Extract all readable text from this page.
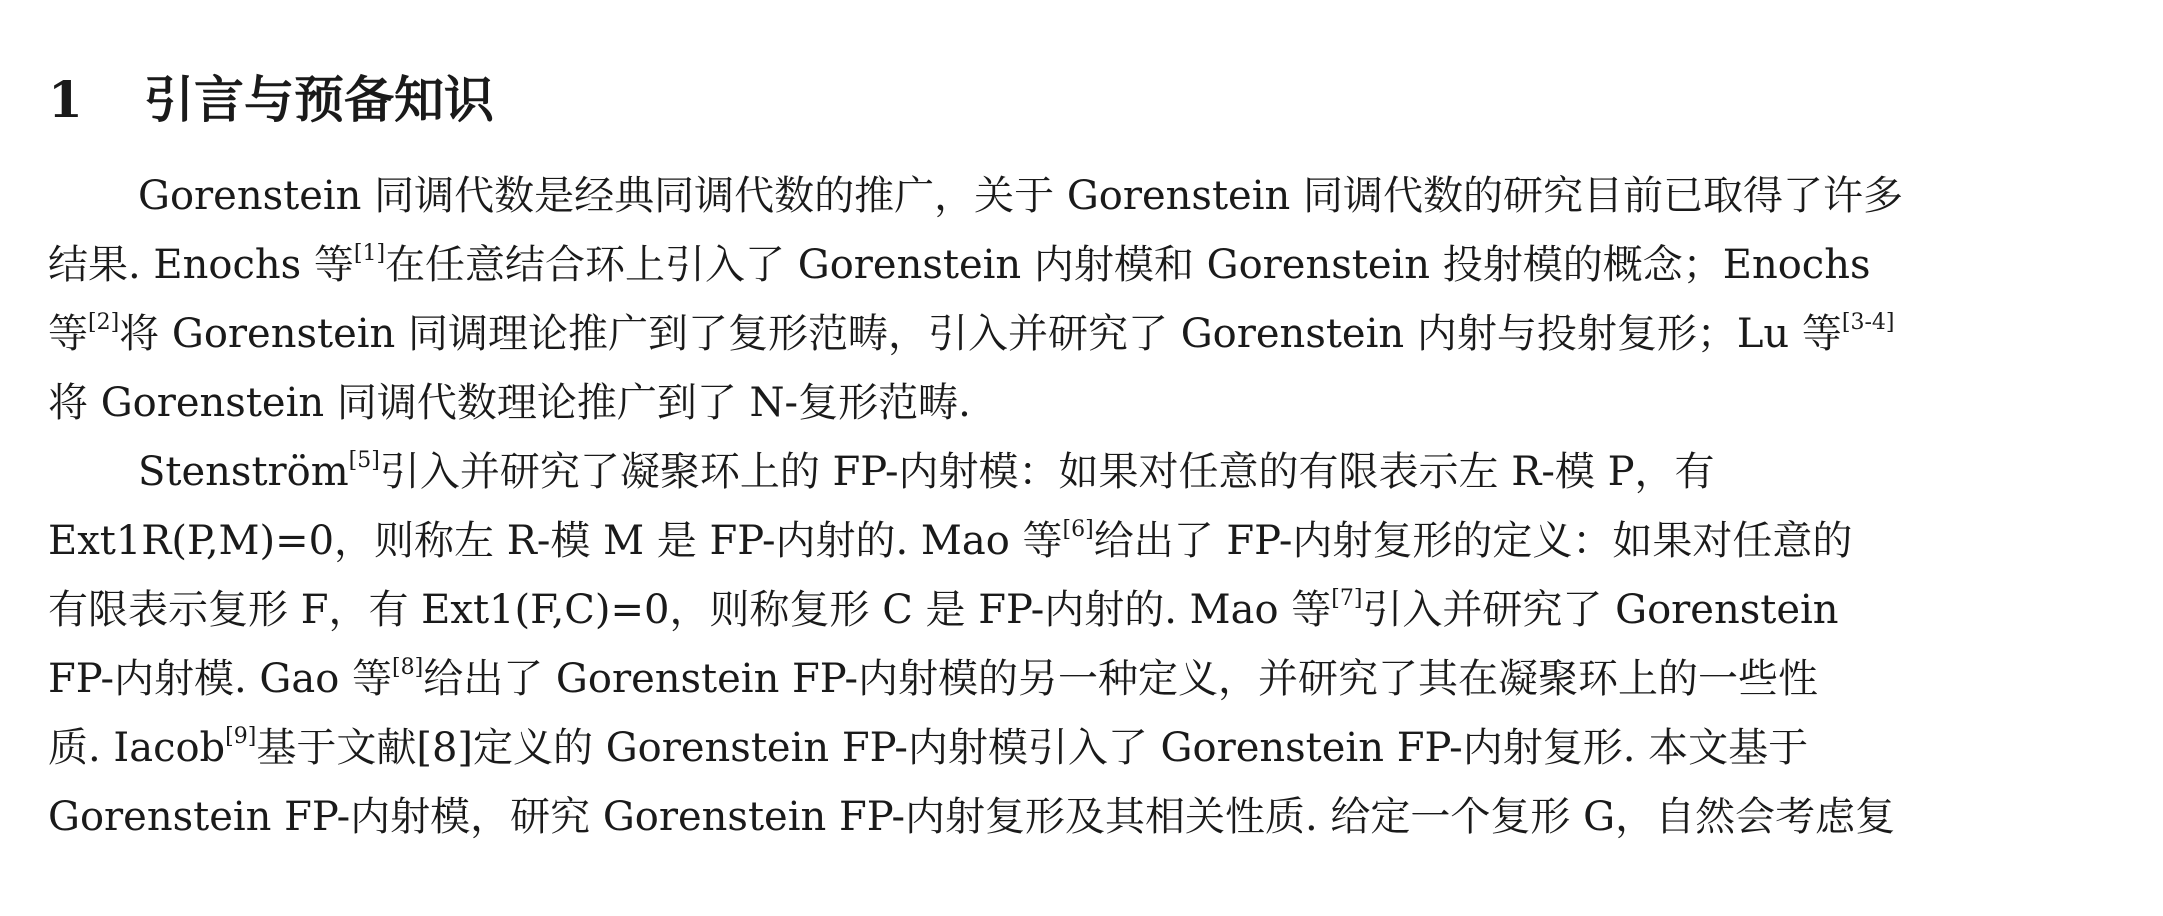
1	引言与预备知识
Gorenstein 同调代数是经典同调代数的推广，关于 Gorenstein 同调代数的研究目前已取得了许多
结果. Enochs 等[1]在任意结合环上引入了 Gorenstein 内射模和 Gorenstein 投射模的概念；Enochs
等[2]将 Gorenstein 同调理论推广到了复形范畴，引入并研究了 Gorenstein 内射与投射复形；Lu 等[3-4]
将 Gorenstein 同调代数理论推广到了 N-复形范畴.
Stenström[5]引入并研究了凝聚环上的 FP-内射模：如果对任意的有限表示左 R-模 P，有
Ext1R(P,M)=0，则称左 R-模 M 是 FP-内射的. Mao 等[6]给出了 FP-内射复形的定义：如果对任意的
有限表示复形 F，有 Ext1(F,C)=0，则称复形 C 是 FP-内射的. Mao 等[7]引入并研究了 Gorenstein
FP-内射模. Gao 等[8]给出了 Gorenstein FP-内射模的另一种定义，并研究了其在凝聚环上的一些性
质. Iacob[9]基于文献[8]定义的 Gorenstein FP-内射模引入了 Gorenstein FP-内射复形. 本文基于
Gorenstein FP-内射模，研究 Gorenstein FP-内射复形及其相关性质. 给定一个复形 G，自然会考虑复
